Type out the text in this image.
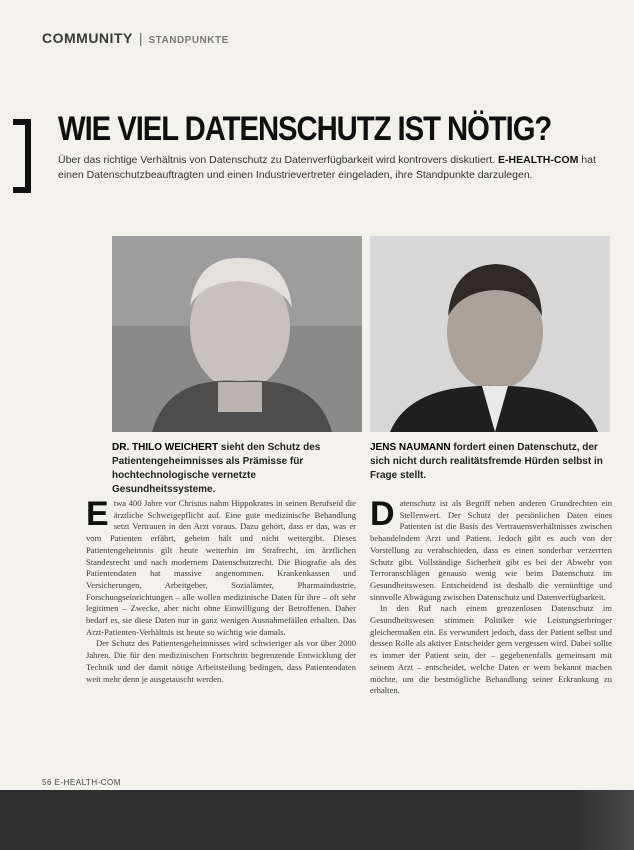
COMMUNITY | STANDPUNKTE
WIE VIEL DATENSCHUTZ IST NÖTIG?
Über das richtige Verhältnis von Datenschutz zu Datenverfügbarkeit wird kontrovers diskutiert. E-HEALTH-COM hat einen Datenschutzbeauftragten und einen Industrievertreter eingeladen, ihre Standpunkte darzulegen.
DR. THILO WEICHERT sieht den Schutz des Patientengeheimnisses als Prämisse für hochtechnologische vernetzte Gesundheitssysteme.
JENS NAUMANN fordert einen Datenschutz, der sich nicht durch realitätsfremde Hürden selbst in Frage stellt.

Etwa 400 Jahre vor Christus nahm Hippokrates in seinen Berufseid die ärztliche Schweigepflicht auf. Eine gute medizinische Behandlung setzt Vertrauen in den Arzt voraus. Dazu gehört, dass er das, was er vom Patienten erfährt, geheim hält und nicht weitergibt. Dieses Patientengeheimnis gilt heute weiterhin im Strafrecht, im ärztlichen Standesrecht und nach modernem Datenschutzrecht. Die Biografie als des Patientendaten hat massive angenommen. Krankenkassen und Versicherungen, Arbeitgeber, Sozialämter, Pharmaindustrie, Forschungseinrichtungen – alle wollen medizinische Daten für ihre – oft sehr legitimen – Zwecke, aber nicht ohne Einwilligung der Betroffenen. Daher bedarf es, sie diese Daten nur in ganz wenigen Ausnahmefällen erhalten. Das Arzt-Patienten-Verhältnis ist heute so wichtig wie damals.

Der Schutz des Patientengeheimnisses wird schwieriger als vor über 2000 Jahren. Die für den medizinischen Fortschritt begrenzende Entwicklung der Technik und der damit nötige Arbeitsteilung bedingen, dass Patientendaten weit mehr denn je ausgetauscht werden.

Datenschutz ist als Begriff neben anderen Grundrechten ein Stellenwert. Der Schutz der persönlichen Daten eines Patienten ist die Basis des Vertrauensverhältnisses zwischen behandelndem Arzt und Patient. Jedoch gibt es auch von der Vorstellung zu verabschieden, dass es einen sonderbar verzerrten Schutz gibt. Vollständige Sicherheit gibt es bei der Abwehr von Terroranschlägen genauso wenig wie beim Datenschutz im Gesundheitswesen. Entscheidend ist deshalb die vernünftige und sinnvolle Abwägung zwischen Datenschutz und Datenverfügbarkeit.

In den Ruf nach einem grenzenlosen Datenschutz im Gesundheitswesen stimmen Politiker wie Leistungserbringer gleichermaßen ein. Es verwundert jedoch, dass der Patient selbst und dessen Rolle als aktiver Entscheider gern vergessen wird. Dabei sollte es immer der Patient sein, der – gegebenenfalls gemeinsam mit seinem Arzt – entscheidet, welche Daten er wem bekannt machen möchte, um die bestmögliche Behandlung seiner Erkrankung zu erhalten.

56 E-HEALTH-COM
